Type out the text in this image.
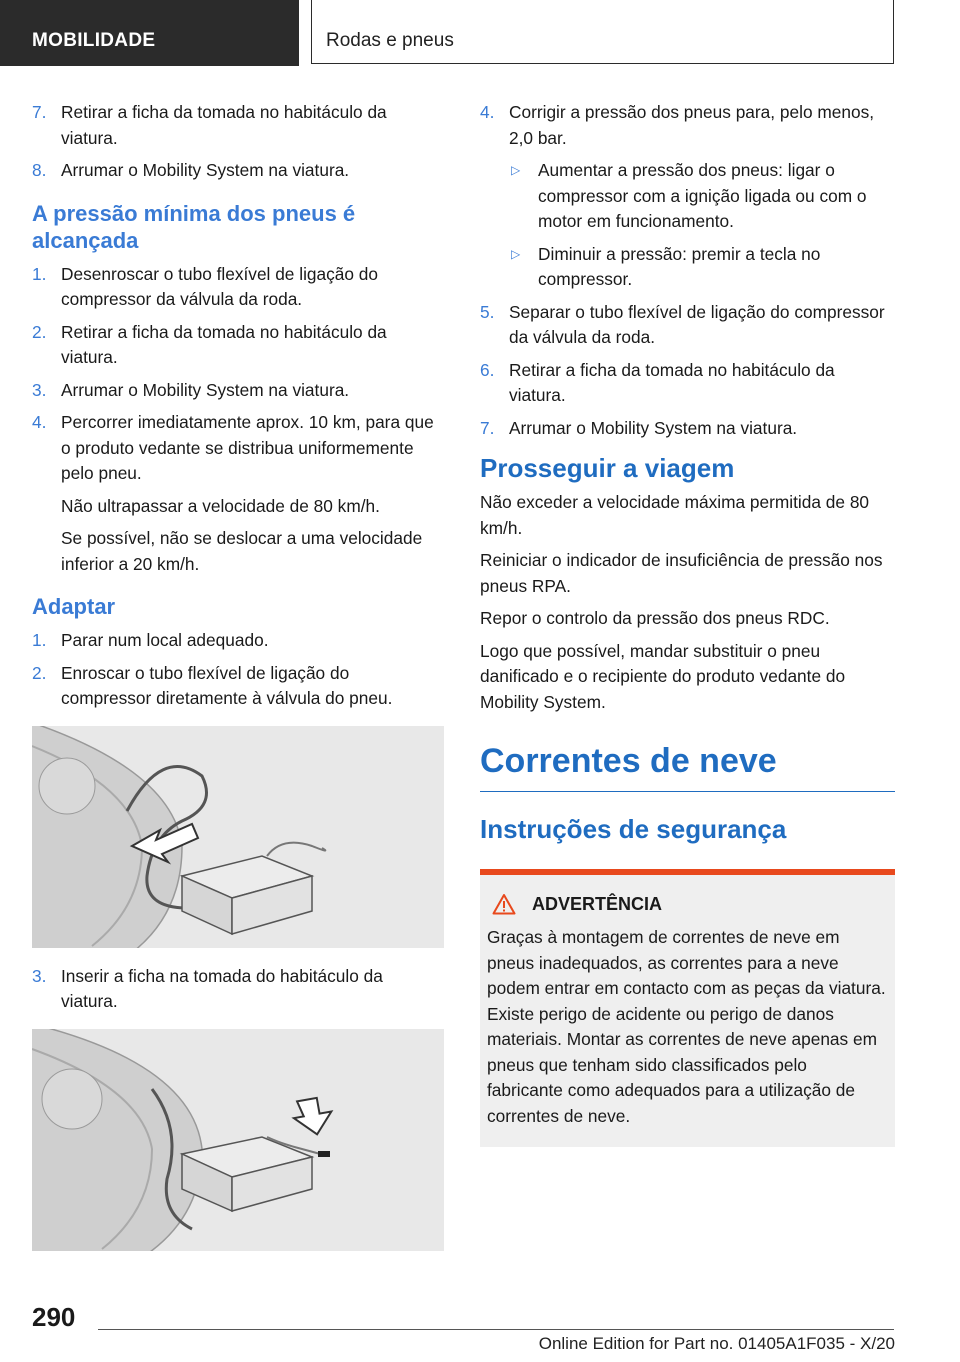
MOBILIDADE	Rodas e pneus
7. Retirar a ficha da tomada no habitáculo da viatura.
8. Arrumar o Mobility System na viatura.
A pressão mínima dos pneus é alcançada
1. Desenroscar o tubo flexível de ligação do compressor da válvula da roda.
2. Retirar a ficha da tomada no habitáculo da viatura.
3. Arrumar o Mobility System na viatura.
4. Percorrer imediatamente aprox. 10 km, para que o produto vedante se distribua uniformemente pelo pneu.
Não ultrapassar a velocidade de 80 km/h.
Se possível, não se deslocar a uma velocidade inferior a 20 km/h.
Adaptar
1. Parar num local adequado.
2. Enroscar o tubo flexível de ligação do compressor diretamente à válvula do pneu.
3. Inserir a ficha na tomada do habitáculo da viatura.
4. Corrigir a pressão dos pneus para, pelo menos, 2,0 bar.
▷ Aumentar a pressão dos pneus: ligar o compressor com a ignição ligada ou com o motor em funcionamento.
▷ Diminuir a pressão: premir a tecla no compressor.
5. Separar o tubo flexível de ligação do compressor da válvula da roda.
6. Retirar a ficha da tomada no habitáculo da viatura.
7. Arrumar o Mobility System na viatura.
Prosseguir a viagem
Não exceder a velocidade máxima permitida de 80 km/h.
Reiniciar o indicador de insuficiência de pressão nos pneus RPA.
Repor o controlo da pressão dos pneus RDC.
Logo que possível, mandar substituir o pneu danificado e o recipiente do produto vedante do Mobility System.
Correntes de neve
Instruções de segurança
ADVERTÊNCIA
Graças à montagem de correntes de neve em pneus inadequados, as correntes para a neve podem entrar em contacto com as peças da viatura. Existe perigo de acidente ou perigo de danos materiais. Montar as correntes de neve apenas em pneus que tenham sido classificados pelo fabricante como adequados para a utilização de correntes de neve.
290
Online Edition for Part no. 01405A1F035 - X/20
